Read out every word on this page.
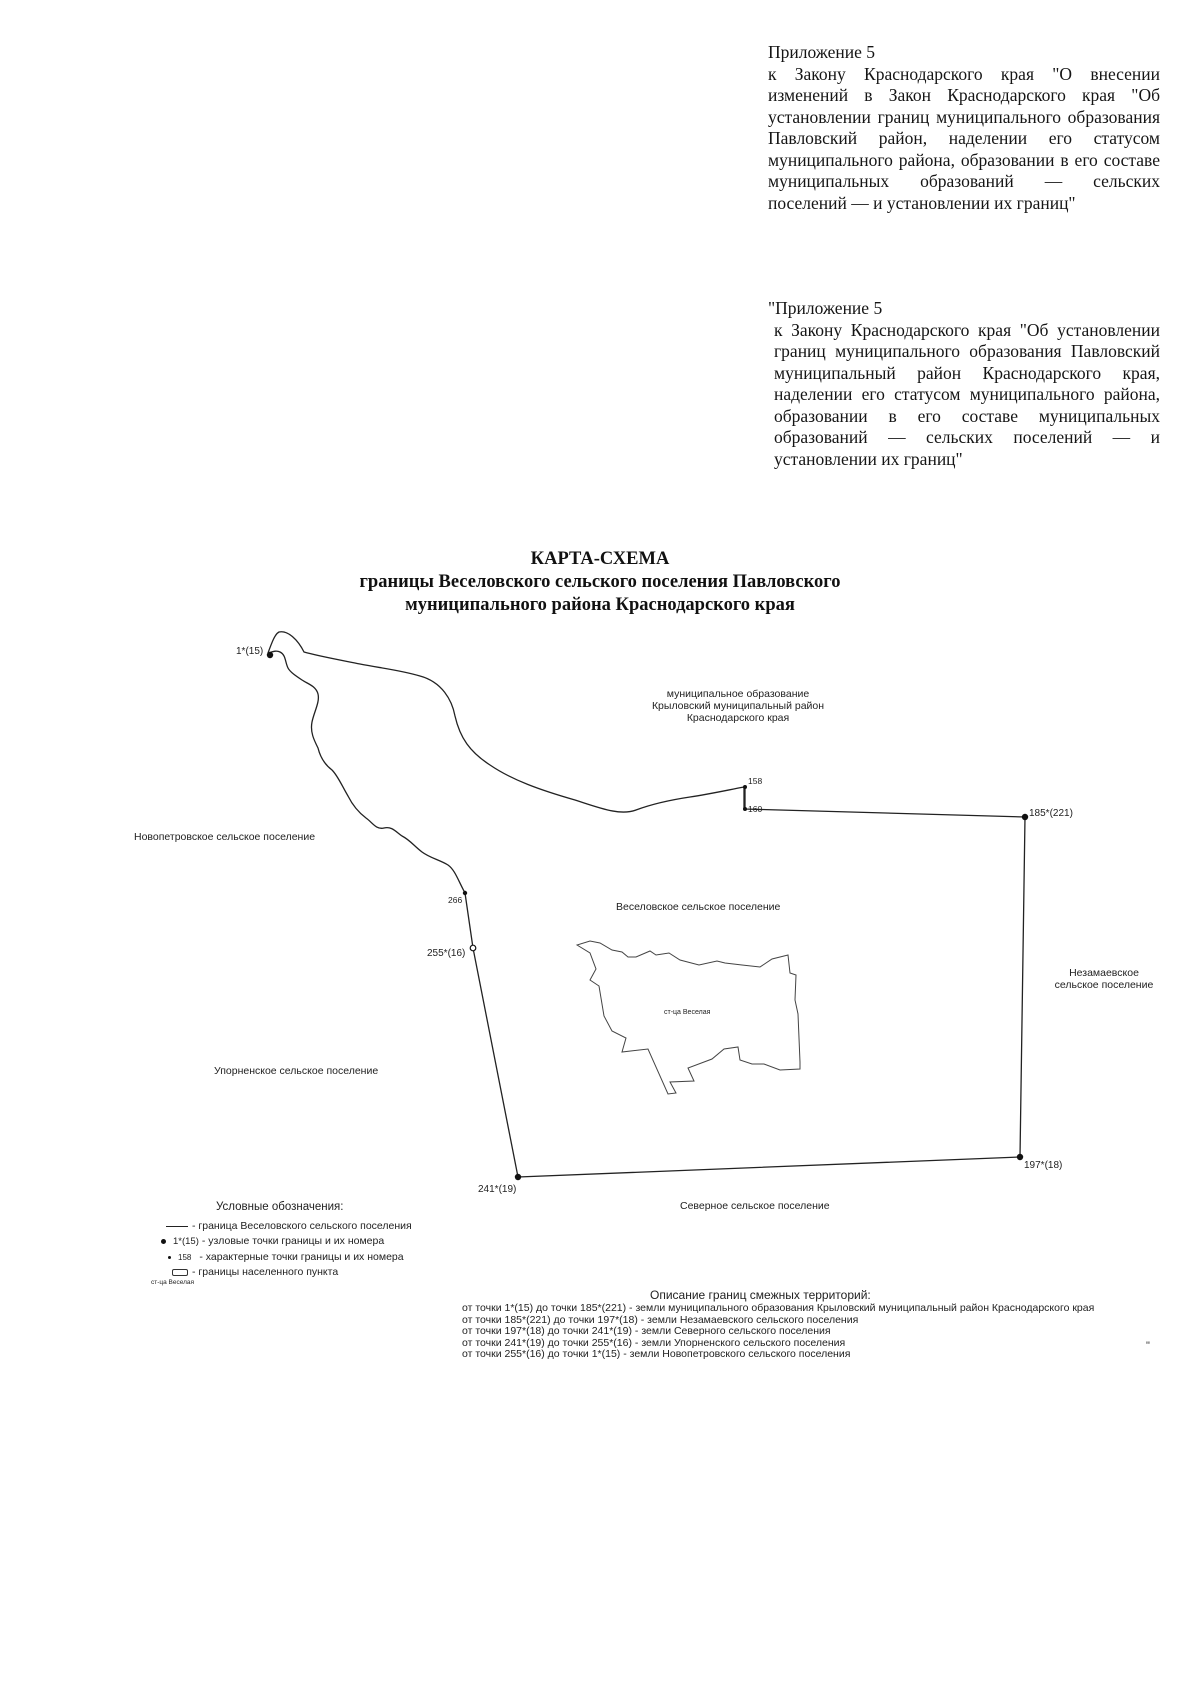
Приложение 5
к Закону Краснодарского края "О внесении изменений в Закон Краснодарского края "Об установлении границ муниципального образования Павловский район, наделении его статусом муниципального района, образовании в его составе муниципальных образований — сельских поселений — и установлении их границ"
"Приложение 5
к Закону Краснодарского края "Об установлении границ муниципального образования Павловский муниципальный район Краснодарского края, наделении его статусом муниципального района, образовании в его составе муниципальных образований — сельских поселений — и установлении их границ"
КАРТА-СХЕМА
границы Веселовского сельского поселения Павловского
муниципального района Краснодарского края
1*(15)
158
160	185*(221)
266
255*(16)
197*(18)
241*(19)
муниципальное образование
Крыловский муниципальный район
Краснодарского края
Новопетровское сельское поселение
Веселовское сельское поселение
Незамаевское
сельское поселение
Упорненское сельское поселение
Северное сельское поселение
ст-ца Веселая
Условные обозначения:
- граница Веселовского сельского поселения
1*(15) - узловые точки границы и их номера
158 - характерные точки границы и их номера
- границы населенного пункта
ст-ца Веселая
Описание границ смежных территорий:
от точки 1*(15) до точки 185*(221) - земли муниципального образования Крыловский муниципальный район Краснодарского края
от точки 185*(221) до точки 197*(18) - земли Незамаевского сельского поселения
от точки 197*(18) до точки 241*(19) - земли Северного сельского поселения
от точки 241*(19) до точки 255*(16) - земли Упорненского сельского поселения
от точки 255*(16) до точки 1*(15) - земли Новопетровского сельского поселения
"
